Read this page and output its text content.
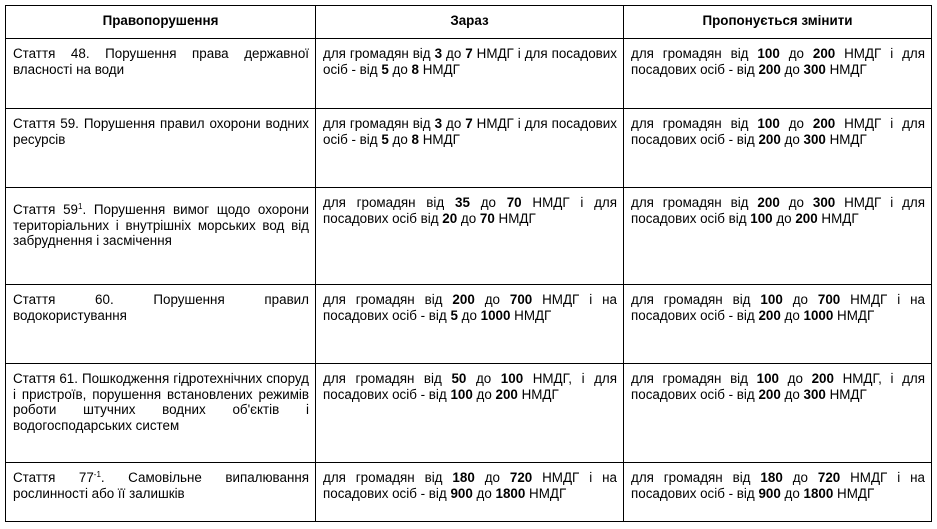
Правопорушення	Зараз	Пропонується змінити
Стаття 48. Порушення права державної власності на води	для громадян від 3 до 7 НМДГ і для посадових осіб - від 5 до 8 НМДГ	для громадян від 100 до 200 НМДГ і для посадових осіб - від 200 до 300 НМДГ
Стаття 59. Порушення правил охорони водних ресурсів	для громадян від 3 до 7 НМДГ і для посадових осіб - від 5 до 8 НМДГ	для громадян від 100 до 200 НМДГ і для посадових осіб - від 200 до 300 НМДГ
Стаття $59^1$. Порушення вимог щодо охорони територіальних і внутрішніх морських вод від забруднення і засмічення	для громадян від 35 до 70 НМДГ і для посадових осіб від 20 до 70 НМДГ	для громадян від 200 до 300 НМДГ і для посадових осіб від 100 до 200 НМДГ
Стаття 60. Порушення правил водокористування	для громадян від 200 до 700 НМДГ і на посадових осіб - від 5 до 1000 НМДГ	для громадян від 100 до 700 НМДГ і на посадових осіб - від 200 до 1000 НМДГ
Стаття 61. Пошкодження гідротехнічних споруд і пристроїв, порушення встановлених режимів роботи штучних водних об'єктів і водогосподарських систем	для громадян від 50 до 100 НМДГ, і для посадових осіб - від 100 до 200 НМДГ	для громадян від 100 до 200 НМДГ, і для посадових осіб - від 200 до 300 НМДГ
Стаття $77^{-1}$. Самовільне випалювання рослинності або її залишків	для громадян від 180 до 720 НМДГ і на посадових осіб - від 900 до 1800 НМДГ	для громадян від 180 до 720 НМДГ і на посадових осіб - від 900 до 1800 НМДГ
